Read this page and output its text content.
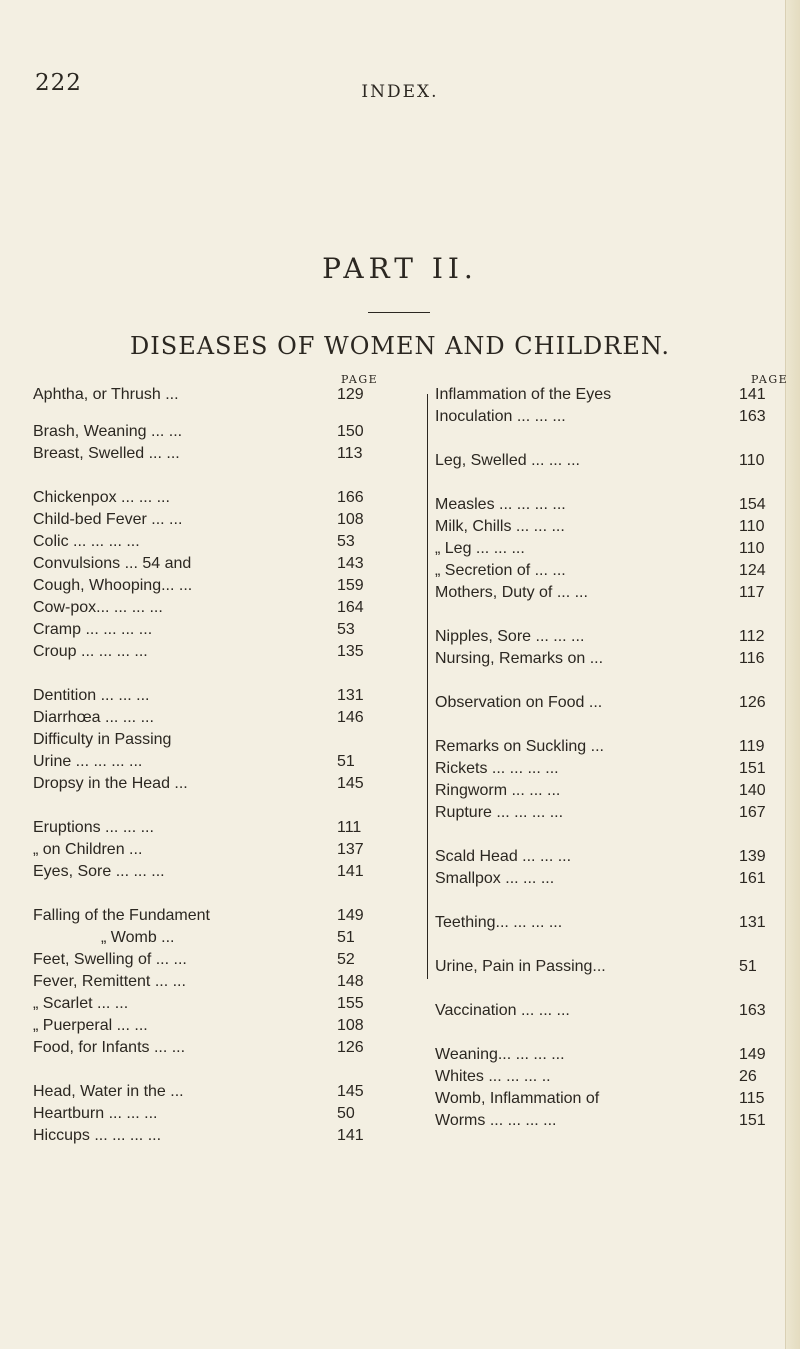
222	INDEX.
PART II.
DISEASES OF WOMEN AND CHILDREN.
PAGE
Aphtha, or Thrush ...	129
Brash, Weaning ... ...	150
Breast, Swelled ... ...	113
Chickenpox ... ... ...	166
Child-bed Fever ... ...	108
Colic ... ... ... ...	53
Convulsions ... 54 and	143
Cough, Whooping... ...	159
Cow-pox... ... ... ...	164
Cramp ... ... ... ...	53
Croup ... ... ... ...	135
Dentition ... ... ...	131
Diarrhœa ... ... ...	146
Difficulty in Passing
Urine ... ... ... ...	51
Dropsy in the Head ...	145
Eruptions ... ... ...	111
„ on Children ...	137
Eyes, Sore ... ... ...	141
Falling of the Fundament	149
„ Womb ...	51
Feet, Swelling of ... ...	52
Fever, Remittent ... ...	148
„ Scarlet ... ...	155
„ Puerperal ... ...	108
Food, for Infants ... ...	126
Head, Water in the ...	145
Heartburn ... ... ...	50
Hiccups ... ... ... ...	141
PAGE
Inflammation of the Eyes	141
Inoculation ... ... ...	163
Leg, Swelled ... ... ...	110
Measles ... ... ... ...	154
Milk, Chills ... ... ...	110
„ Leg ... ... ...	110
„ Secretion of ... ...	124
Mothers, Duty of ... ...	117
Nipples, Sore ... ... ...	112
Nursing, Remarks on ...	116
Observation on Food ...	126
Remarks on Suckling ...	119
Rickets ... ... ... ...	151
Ringworm ... ... ...	140
Rupture ... ... ... ...	167
Scald Head ... ... ...	139
Smallpox ... ... ...	161
Teething... ... ... ...	131
Urine, Pain in Passing...	51
Vaccination ... ... ...	163
Weaning... ... ... ...	149
Whites ... ... ... ..	26
Womb, Inflammation of	115
Worms ... ... ... ...	151
